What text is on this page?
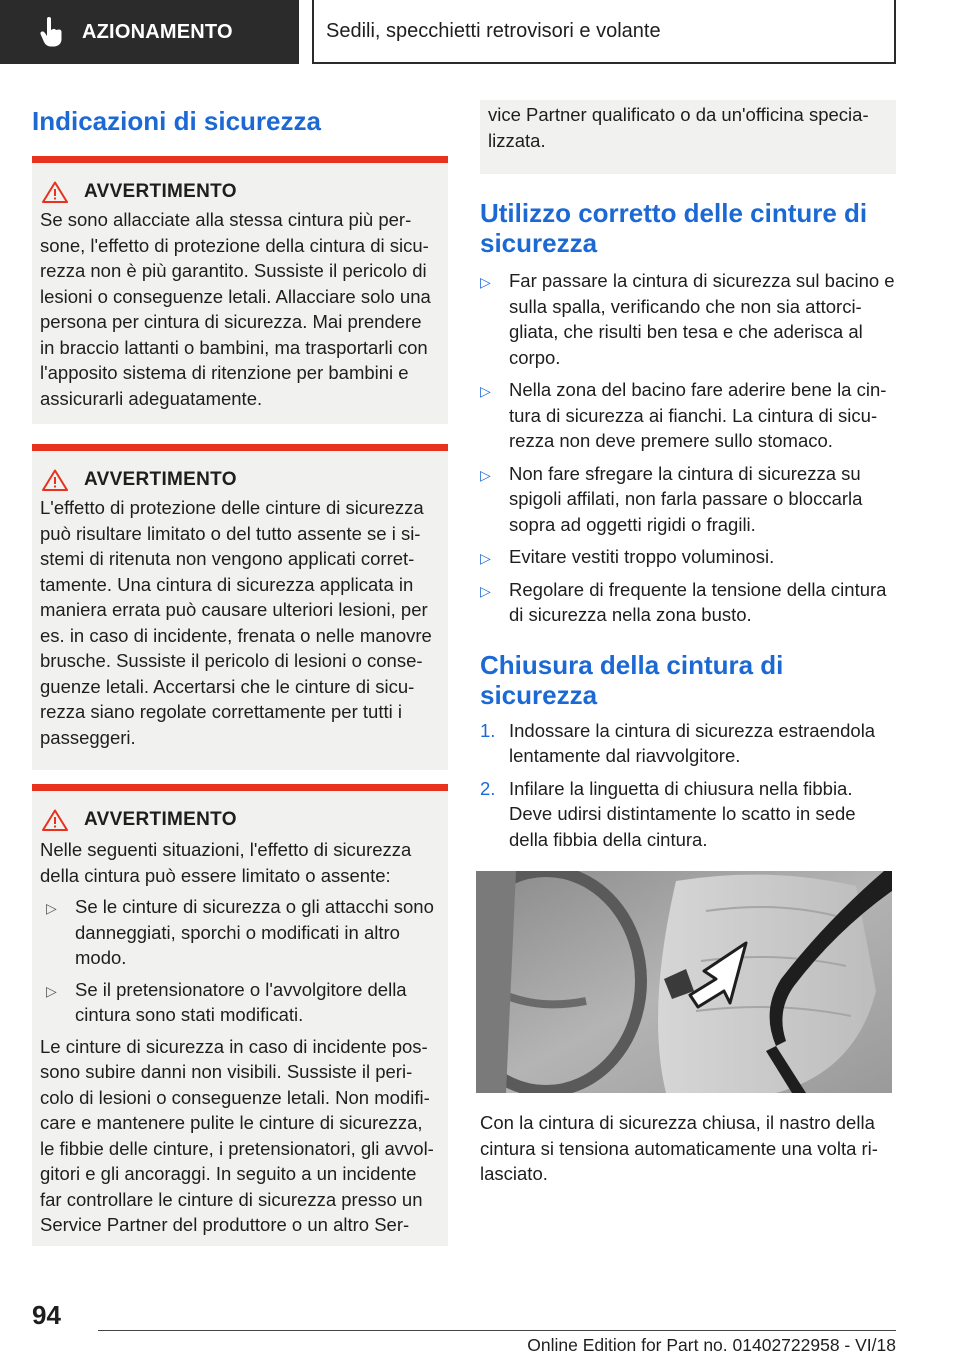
AZIONAMENTO	Sedili, specchietti retrovisori e volante
Indicazioni di sicurezza
AVVERTIMENTO
Se sono allacciate alla stessa cintura più per- sone, l'effetto di protezione della cintura di sicu- rezza non è più garantito. Sussiste il pericolo di lesioni o conseguenze letali. Allacciare solo una persona per cintura di sicurezza. Mai prendere in braccio lattanti o bambini, ma trasportarli con l'apposito sistema di ritenzione per bambini e assicurarli adeguatamente.
AVVERTIMENTO
L'effetto di protezione delle cinture di sicurezza può risultare limitato o del tutto assente se i si- stemi di ritenuta non vengono applicati corret- tamente. Una cintura di sicurezza applicata in maniera errata può causare ulteriori lesioni, per es. in caso di incidente, frenata o nelle manovre brusche. Sussiste il pericolo di lesioni o conse- guenze letali. Accertarsi che le cinture di sicu- rezza siano regolate correttamente per tutti i passeggeri.
AVVERTIMENTO

Nelle seguenti situazioni, l'effetto di sicurezza della cintura può essere limitato o assente:

▷ Se le cinture di sicurezza o gli attacchi sono danneggiati, sporchi o modificati in altro modo.
▷ Se il pretensionatore o l'avvolgitore della cintura sono stati modificati.

Le cinture di sicurezza in caso di incidente pos- sono subire danni non visibili. Sussiste il peri- colo di lesioni o conseguenze letali. Non modifi- care e mantenere pulite le cinture di sicurezza, le fibbie delle cinture, i pretensionatori, gli avvol- gitori e gli ancoraggi. In seguito a un incidente far controllare le cinture di sicurezza presso un Service Partner del produttore o un altro Ser-

vice Partner qualificato o da un'officina specia- lizzata.
Utilizzo corretto delle cinture di sicurezza
▷ Far passare la cintura di sicurezza sul bacino e sulla spalla, verificando che non sia attorci- gliata, che risulti ben tesa e che aderisca al corpo.
▷ Nella zona del bacino fare aderire bene la cin- tura di sicurezza ai fianchi. La cintura di sicu- rezza non deve premere sullo stomaco.
▷ Non fare sfregare la cintura di sicurezza su spigoli affilati, non farla passare o bloccarla sopra ad oggetti rigidi o fragili.
▷ Evitare vestiti troppo voluminosi.
▷ Regolare di frequente la tensione della cintura di sicurezza nella zona busto.
Chiusura della cintura di sicurezza
1. Indossare la cintura di sicurezza estraendola lentamente dal riavvolgitore.
2. Infilare la linguetta di chiusura nella fibbia. Deve udirsi distintamente lo scatto in sede della fibbia della cintura.

Con la cintura di sicurezza chiusa, il nastro della cintura si tensiona automaticamente una volta ri- lasciato.

94
Online Edition for Part no. 01402722958 - VI/18
